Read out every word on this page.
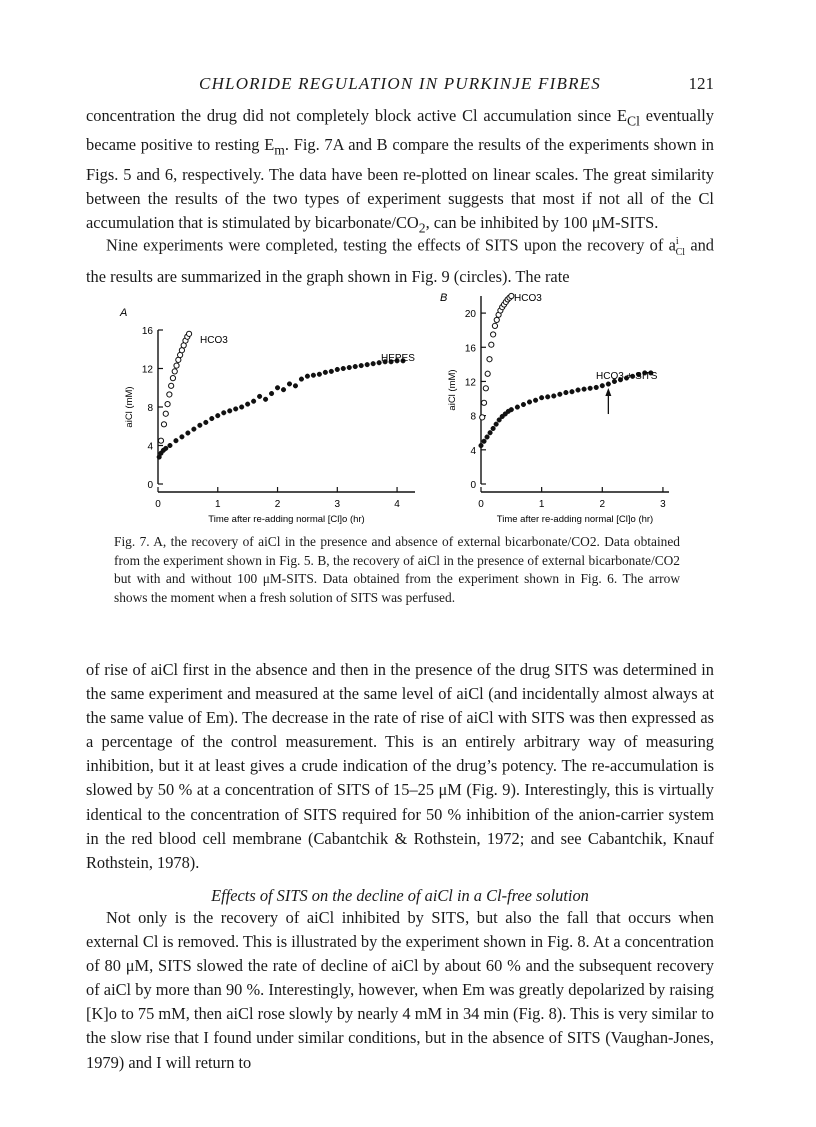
CHLORIDE REGULATION IN PURKINJE FIBRES	121

concentration the drug did not completely block active Cl accumulation since $E_{Cl}$ eventually became positive to resting $E_m$. Fig. 7A and B compare the results of the experiments shown in Figs. 5 and 6, respectively. The data have been re-plotted on linear scales. The great similarity between the results of the two types of experiment suggests that most if not all of the Cl accumulation that is stimulated by bicarbonate/$CO_2$, can be inhibited by 100 μM-SITS.

Nine experiments were completed, testing the effects of SITS upon the recovery of $a^i_{Cl}$ and the results are summarized in the graph shown in Fig. 9 (circles). The rate

0
4
8
12
16
0	1	2	3	4
Time after re-adding normal [Cl]o (hr)
aiCl (mM)
A
HCO3
HEPES
0
4
8
12
16
20
0	1	2	3
Time after re-adding normal [Cl]o (hr)
aiCl (mM)
B	HCO3
HCO3 + SITS
Fig. 7. A, the recovery of aiCl in the presence and absence of external bicarbonate/CO2. Data obtained from the experiment shown in Fig. 5. B, the recovery of aiCl in the presence of external bicarbonate/CO2 but with and without 100 μM-SITS. Data obtained from the experiment shown in Fig. 6. The arrow shows the moment when a fresh solution of SITS was perfused.

of rise of aiCl first in the absence and then in the presence of the drug SITS was determined in the same experiment and measured at the same level of aiCl (and incidentally almost always at the same value of Em). The decrease in the rate of rise of aiCl with SITS was then expressed as a percentage of the control measurement. This is an entirely arbitrary way of measuring inhibition, but it at least gives a crude indication of the drug’s potency. The re-accumulation is slowed by 50 % at a concentration of SITS of 15–25 μM (Fig. 9). Interestingly, this is virtually identical to the concentration of SITS required for 50 % inhibition of the anion-carrier system in the red blood cell membrane (Cabantchik & Rothstein, 1972; and see Cabantchik, Knauf Rothstein, 1978).

Effects of SITS on the decline of aiCl in a Cl-free solution

Not only is the recovery of aiCl inhibited by SITS, but also the fall that occurs when external Cl is removed. This is illustrated by the experiment shown in Fig. 8. At a concentration of 80 μM, SITS slowed the rate of decline of aiCl by about 60 % and the subsequent recovery of aiCl by more than 90 %. Interestingly, however, when Em was greatly depolarized by raising [K]o to 75 mM, then aiCl rose slowly by nearly 4 mM in 34 min (Fig. 8). This is very similar to the slow rise that I found under similar conditions, but in the absence of SITS (Vaughan-Jones, 1979) and I will return to
